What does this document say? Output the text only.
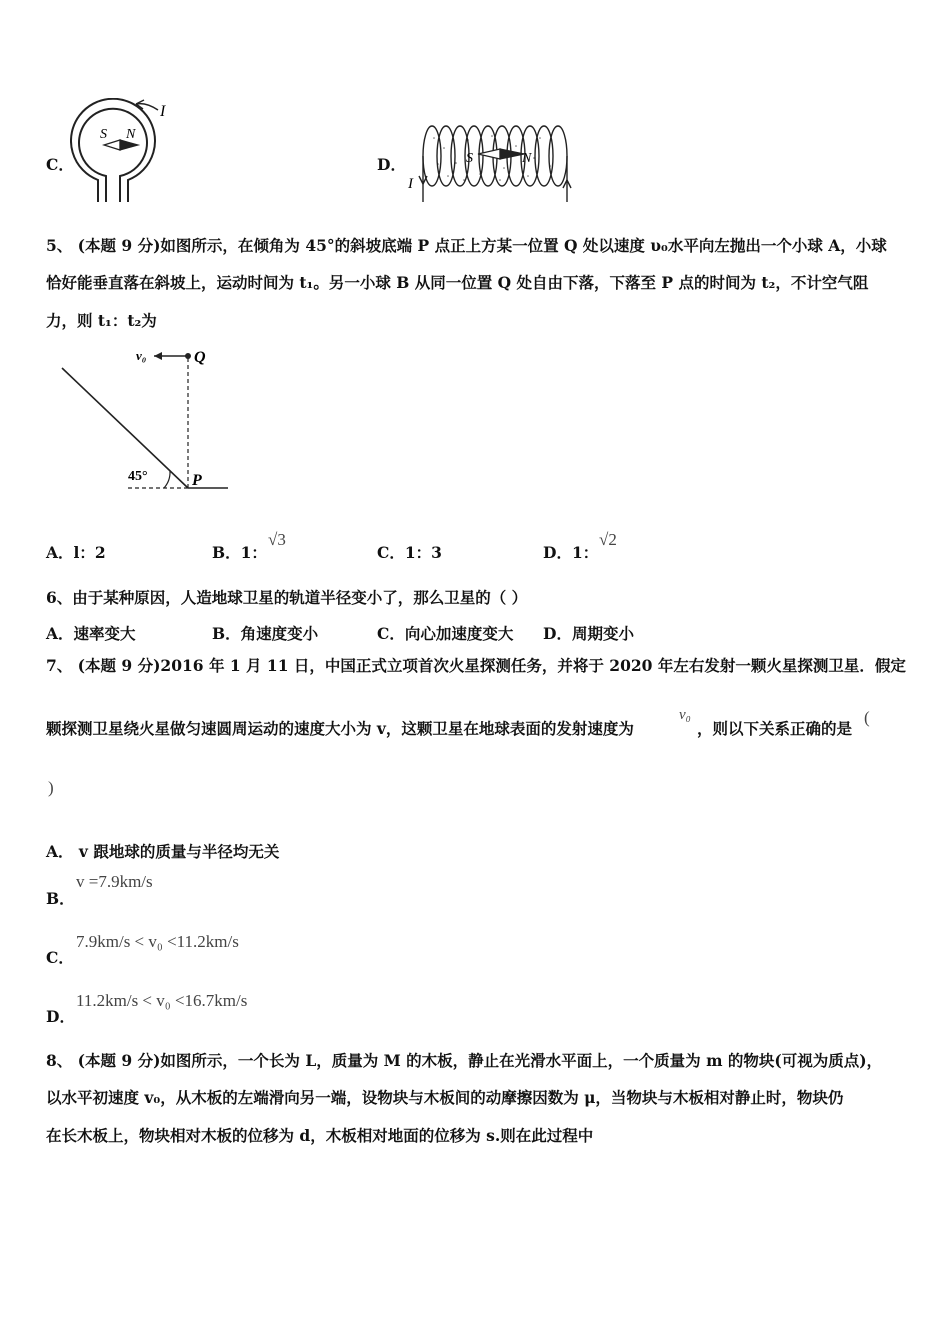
C．
I
S N
D．
I
S	N
5、 (本题 9 分)如图所示，在倾角为 45°的斜坡底端 P 点正上方某一位置 Q 处以速度 υ₀水平向左抛出一个小球 A，小球
恰好能垂直落在斜坡上，运动时间为 t₁。另一小球 B 从同一位置 Q 处自由下落，下落至 P 点的时间为 t₂，不计空气阻
力，则 t₁：t₂为
v₀	Q
P
45°
A．l：2	B．1：
√3
C．1：3	D．1：
√2
6、由于某种原因，人造地球卫星的轨道半径变小了，那么卫星的（ ）
A．速率变大	B．角速度变小	C．向心加速度变大 D．周期变小
7、 (本题 9 分)2016 年 1 月 11 日，中国正式立项首次火星探测任务，并将于 2020 年左右发射一颗火星探测卫星．假定
颗探测卫星绕火星做匀速圆周运动的速度大小为 v，这颗卫星在地球表面的发射速度为
v₀
，则以下关系正确的是
(
)
A． v 跟地球的质量与半径均无关
B．
v =7.9km/s
C．
7.9km/s < v₀ <11.2km/s
D．
11.2km/s < v₀ <16.7km/s
8、 (本题 9 分)如图所示，一个长为 L，质量为 M 的木板，静止在光滑水平面上，一个质量为 m 的物块(可视为质点)，
以水平初速度 v₀，从木板的左端滑向另一端，设物块与木板间的动摩擦因数为 μ，当物块与木板相对静止时，物块仍
在长木板上，物块相对木板的位移为 d，木板相对地面的位移为 s.则在此过程中
